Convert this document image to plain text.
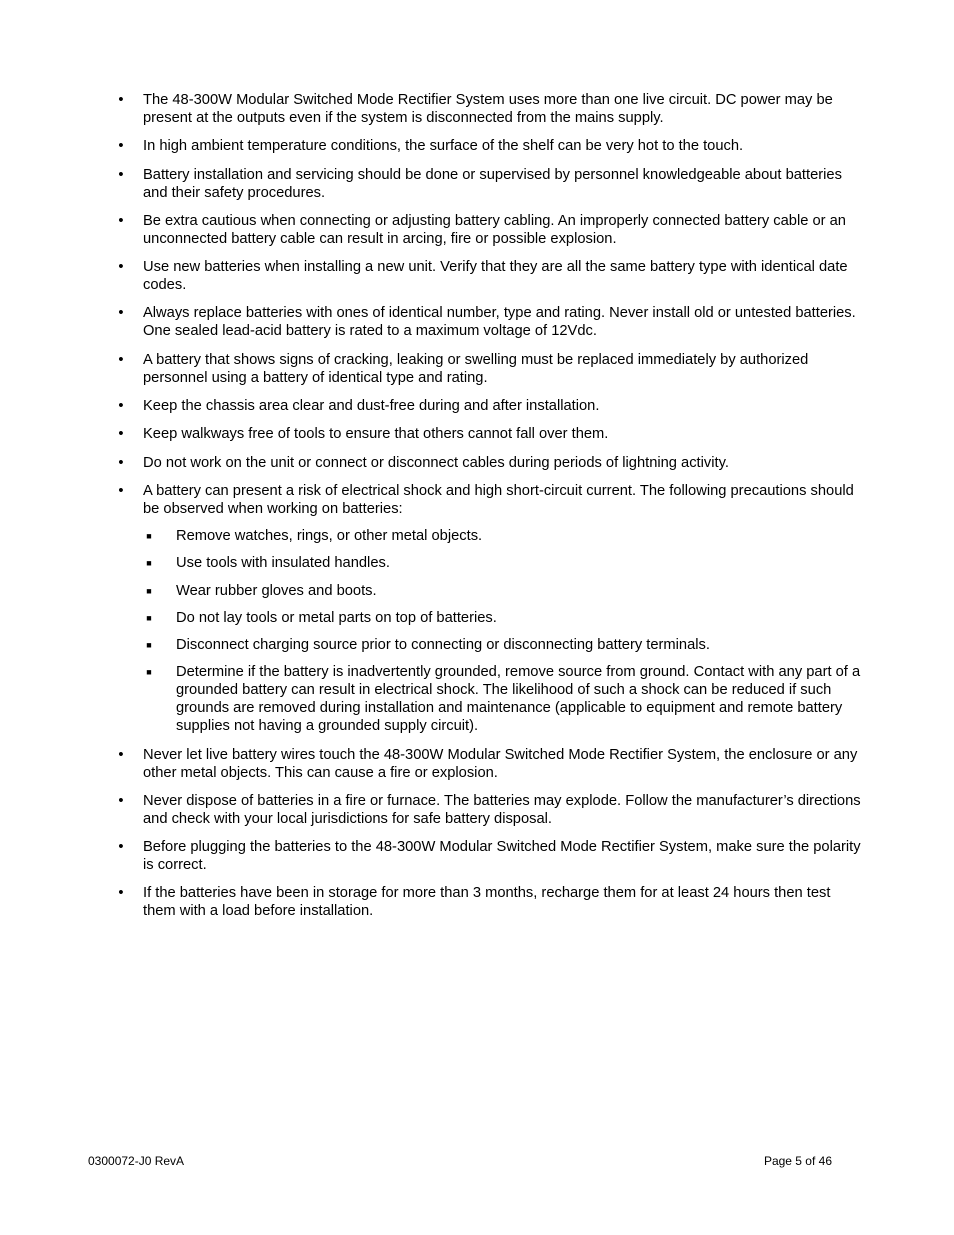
• The 48-300W Modular Switched Mode Rectifier System uses more than one live circuit. DC power may be present at the outputs even if the system is disconnected from the mains supply.
• In high ambient temperature conditions, the surface of the shelf can be very hot to the touch.
• Battery installation and servicing should be done or supervised by personnel knowledgeable about batteries and their safety procedures.
• Be extra cautious when connecting or adjusting battery cabling. An improperly connected battery cable or an unconnected battery cable can result in arcing, fire or possible explosion.
• Use new batteries when installing a new unit. Verify that they are all the same battery type with identical date codes.
• Always replace batteries with ones of identical number, type and rating. Never install old or untested batteries. One sealed lead-acid battery is rated to a maximum voltage of 12Vdc.
• A battery that shows signs of cracking, leaking or swelling must be replaced immediately by authorized personnel using a battery of identical type and rating.
• Keep the chassis area clear and dust-free during and after installation.
• Keep walkways free of tools to ensure that others cannot fall over them.
• Do not work on the unit or connect or disconnect cables during periods of lightning activity.
• A battery can present a risk of electrical shock and high short-circuit current. The following precautions should be observed when working on batteries:
■ Remove watches, rings, or other metal objects.
■ Use tools with insulated handles.
■ Wear rubber gloves and boots.
■ Do not lay tools or metal parts on top of batteries.
■ Disconnect charging source prior to connecting or disconnecting battery terminals.
■ Determine if the battery is inadvertently grounded, remove source from ground. Contact with any part of a grounded battery can result in electrical shock. The likelihood of such a shock can be reduced if such grounds are removed during installation and maintenance (applicable to equipment and remote battery supplies not having a grounded supply circuit).
• Never let live battery wires touch the 48-300W Modular Switched Mode Rectifier System, the enclosure or any other metal objects. This can cause a fire or explosion.
• Never dispose of batteries in a fire or furnace. The batteries may explode. Follow the manufacturer’s directions and check with your local jurisdictions for safe battery disposal.
• Before plugging the batteries to the 48-300W Modular Switched Mode Rectifier System, make sure the polarity is correct.
• If the batteries have been in storage for more than 3 months, recharge them for at least 24 hours then test them with a load before installation.
0300072-J0 RevA	Page 5 of 46
